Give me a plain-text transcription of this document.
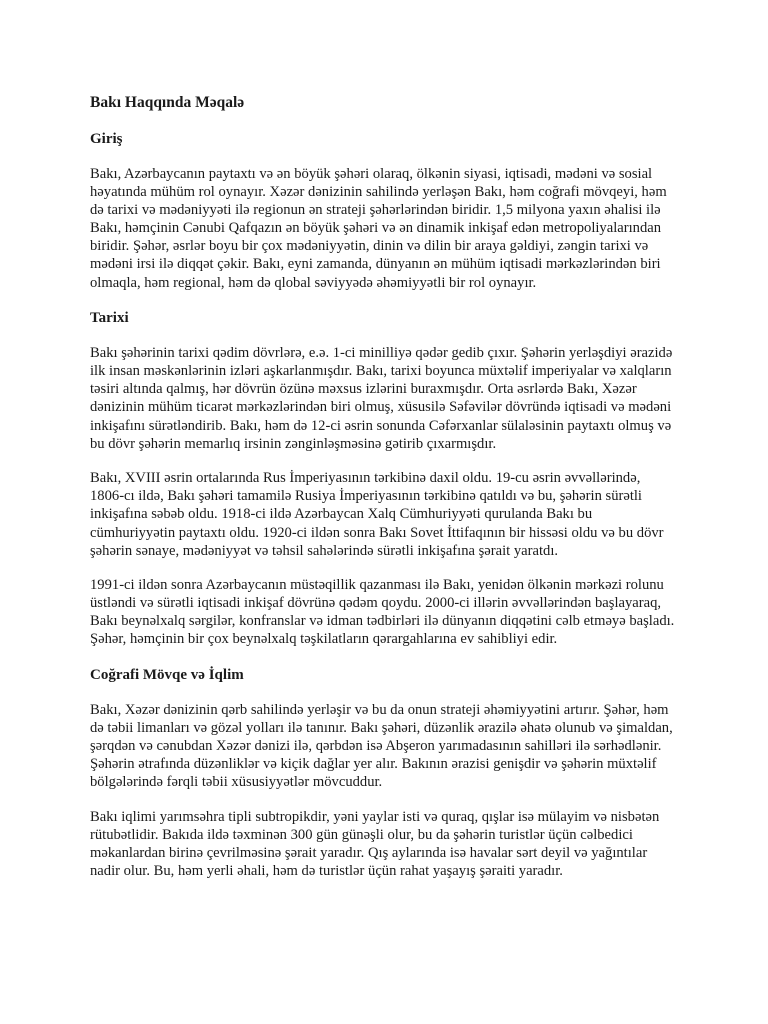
Bakı Haqqında Məqalə
Giriş

Bakı, Azərbaycanın paytaxtı və ən böyük şəhəri olaraq, ölkənin siyasi, iqtisadi, mədəni və sosial həyatında mühüm rol oynayır. Xəzər dənizinin sahilində yerləşən Bakı, həm coğrafi mövqeyi, həm də tarixi və mədəniyyəti ilə regionun ən strateji şəhərlərindən biridir. 1,5 milyona yaxın əhalisi ilə Bakı, həmçinin Cənubi Qafqazın ən böyük şəhəri və ən dinamik inkişaf edən metropoliyalarından biridir. Şəhər, əsrlər boyu bir çox mədəniyyətin, dinin və dilin bir araya gəldiyi, zəngin tarixi və mədəni irsi ilə diqqət çəkir. Bakı, eyni zamanda, dünyanın ən mühüm iqtisadi mərkəzlərindən biri olmaqla, həm regional, həm də qlobal səviyyədə əhəmiyyətli bir rol oynayır.

Tarixi

Bakı şəhərinin tarixi qədim dövrlərə, e.ə. 1-ci minilliyə qədər gedib çıxır. Şəhərin yerləşdiyi ərazidə ilk insan məskənlərinin izləri aşkarlanmışdır. Bakı, tarixi boyunca müxtəlif imperiyalar və xalqların təsiri altında qalmış, hər dövrün özünə məxsus izlərini buraxmışdır. Orta əsrlərdə Bakı, Xəzər dənizinin mühüm ticarət mərkəzlərindən biri olmuş, xüsusilə Səfəvilər dövründə iqtisadi və mədəni inkişafını sürətləndirib. Bakı, həm də 12-ci əsrin sonunda Cəfərxanlar sülaləsinin paytaxtı olmuş və bu dövr şəhərin memarlıq irsinin zənginləşməsinə gətirib çıxarmışdır.

Bakı, XVIII əsrin ortalarında Rus İmperiyasının tərkibinə daxil oldu. 19-cu əsrin əvvəllərində, 1806-cı ildə, Bakı şəhəri tamamilə Rusiya İmperiyasının tərkibinə qatıldı və bu, şəhərin sürətli inkişafına səbəb oldu. 1918-ci ildə Azərbaycan Xalq Cümhuriyyəti qurulanda Bakı bu cümhuriyyətin paytaxtı oldu. 1920-ci ildən sonra Bakı Sovet İttifaqının bir hissəsi oldu və bu dövr şəhərin sənaye, mədəniyyət və təhsil sahələrində sürətli inkişafına şərait yaratdı.

1991-ci ildən sonra Azərbaycanın müstəqillik qazanması ilə Bakı, yenidən ölkənin mərkəzi rolunu üstləndi və sürətli iqtisadi inkişaf dövrünə qədəm qoydu. 2000-ci illərin əvvəllərindən başlayaraq, Bakı beynəlxalq sərgilər, konfranslar və idman tədbirləri ilə dünyanın diqqətini cəlb etməyə başladı. Şəhər, həmçinin bir çox beynəlxalq təşkilatların qərargahlarına ev sahibliyi edir.

Coğrafi Mövqe və İqlim

Bakı, Xəzər dənizinin qərb sahilində yerləşir və bu da onun strateji əhəmiyyətini artırır. Şəhər, həm də təbii limanları və gözəl yolları ilə tanınır. Bakı şəhəri, düzənlik ərazilə əhatə olunub və şimaldan, şərqdən və cənubdan Xəzər dənizi ilə, qərbdən isə Abşeron yarımadasının sahilləri ilə sərhədlənir. Şəhərin ətrafında düzənliklər və kiçik dağlar yer alır. Bakının ərazisi genişdir və şəhərin müxtəlif bölgələrində fərqli təbii xüsusiyyətlər mövcuddur.

Bakı iqlimi yarımsəhra tipli subtropikdir, yəni yaylar isti və quraq, qışlar isə mülayim və nisbətən rütubətlidir. Bakıda ildə təxminən 300 gün günəşli olur, bu da şəhərin turistlər üçün cəlbedici məkanlardan birinə çevrilməsinə şərait yaradır. Qış aylarında isə havalar sərt deyil və yağıntılar nadir olur. Bu, həm yerli əhali, həm də turistlər üçün rahat yaşayış şəraiti yaradır.
